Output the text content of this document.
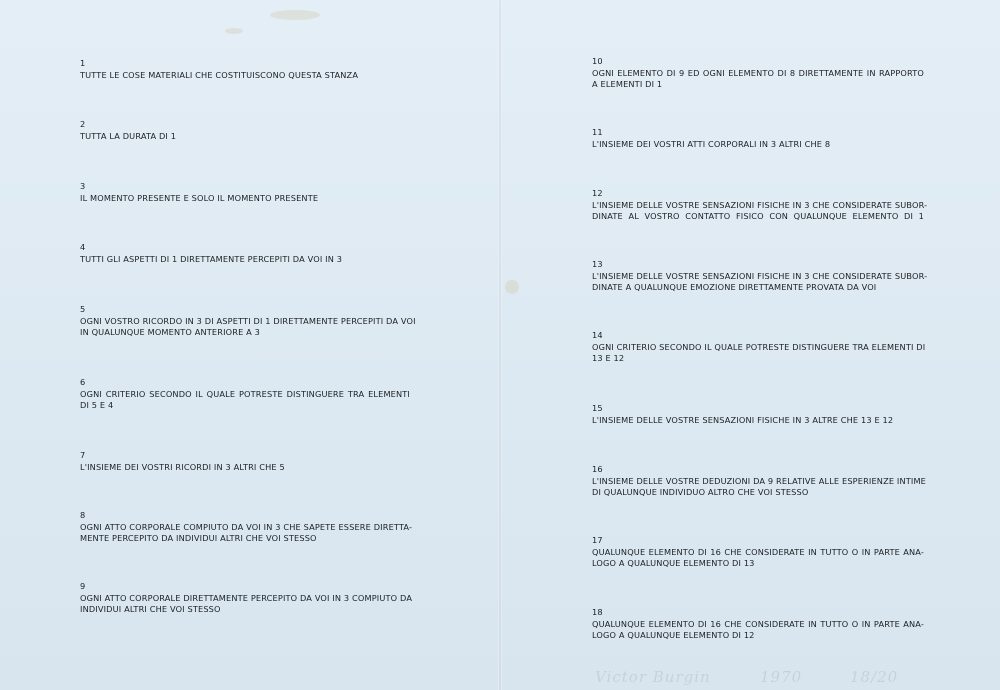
1
TUTTE LE COSE MATERIALI CHE COSTITUISCONO QUESTA STANZA
2
TUTTA LA DURATA DI 1
3
IL MOMENTO PRESENTE E SOLO IL MOMENTO PRESENTE
4
TUTTI GLI ASPETTI DI 1 DIRETTAMENTE PERCEPITI DA VOI IN 3
5
OGNI VOSTRO RICORDO IN 3 DI ASPETTI DI 1 DIRETTAMENTE PERCEPITI DA VOI
IN QUALUNQUE MOMENTO ANTERIORE A 3
6
OGNI CRITERIO SECONDO IL QUALE POTRESTE DISTINGUERE TRA ELEMENTI
DI 5 E 4
7
L'INSIEME DEI VOSTRI RICORDI IN 3 ALTRI CHE 5
8
OGNI ATTO CORPORALE COMPIUTO DA VOI IN 3 CHE SAPETE ESSERE DIRETTA-
MENTE PERCEPITO DA INDIVIDUI ALTRI CHE VOI STESSO
9
OGNI ATTO CORPORALE DIRETTAMENTE PERCEPITO DA VOI IN 3 COMPIUTO DA
INDIVIDUI ALTRI CHE VOI STESSO
10
OGNI ELEMENTO DI 9 ED OGNI ELEMENTO DI 8 DIRETTAMENTE IN RAPPORTO
A ELEMENTI DI 1
11
L'INSIEME DEI VOSTRI ATTI CORPORALI IN 3 ALTRI CHE 8
12
L'INSIEME DELLE VOSTRE SENSAZIONI FISICHE IN 3 CHE CONSIDERATE SUBOR-
DINATE AL VOSTRO CONTATTO FISICO CON QUALUNQUE ELEMENTO DI 1
13
L'INSIEME DELLE VOSTRE SENSAZIONI FISICHE IN 3 CHE CONSIDERATE SUBOR-
DINATE A QUALUNQUE EMOZIONE DIRETTAMENTE PROVATA DA VOI
14
OGNI CRITERIO SECONDO IL QUALE POTRESTE DISTINGUERE TRA ELEMENTI DI
13 E 12
15
L'INSIEME DELLE VOSTRE SENSAZIONI FISICHE IN 3 ALTRE CHE 13 E 12
16
L'INSIEME DELLE VOSTRE DEDUZIONI DA 9 RELATIVE ALLE ESPERIENZE INTIME
DI QUALUNQUE INDIVIDUO ALTRO CHE VOI STESSO
17
QUALUNQUE ELEMENTO DI 16 CHE CONSIDERATE IN TUTTO O IN PARTE ANA-
LOGO A QUALUNQUE ELEMENTO DI 13
18
QUALUNQUE ELEMENTO DI 16 CHE CONSIDERATE IN TUTTO O IN PARTE ANA-
LOGO A QUALUNQUE ELEMENTO DI 12
Victor Burgin	1970	18/20
